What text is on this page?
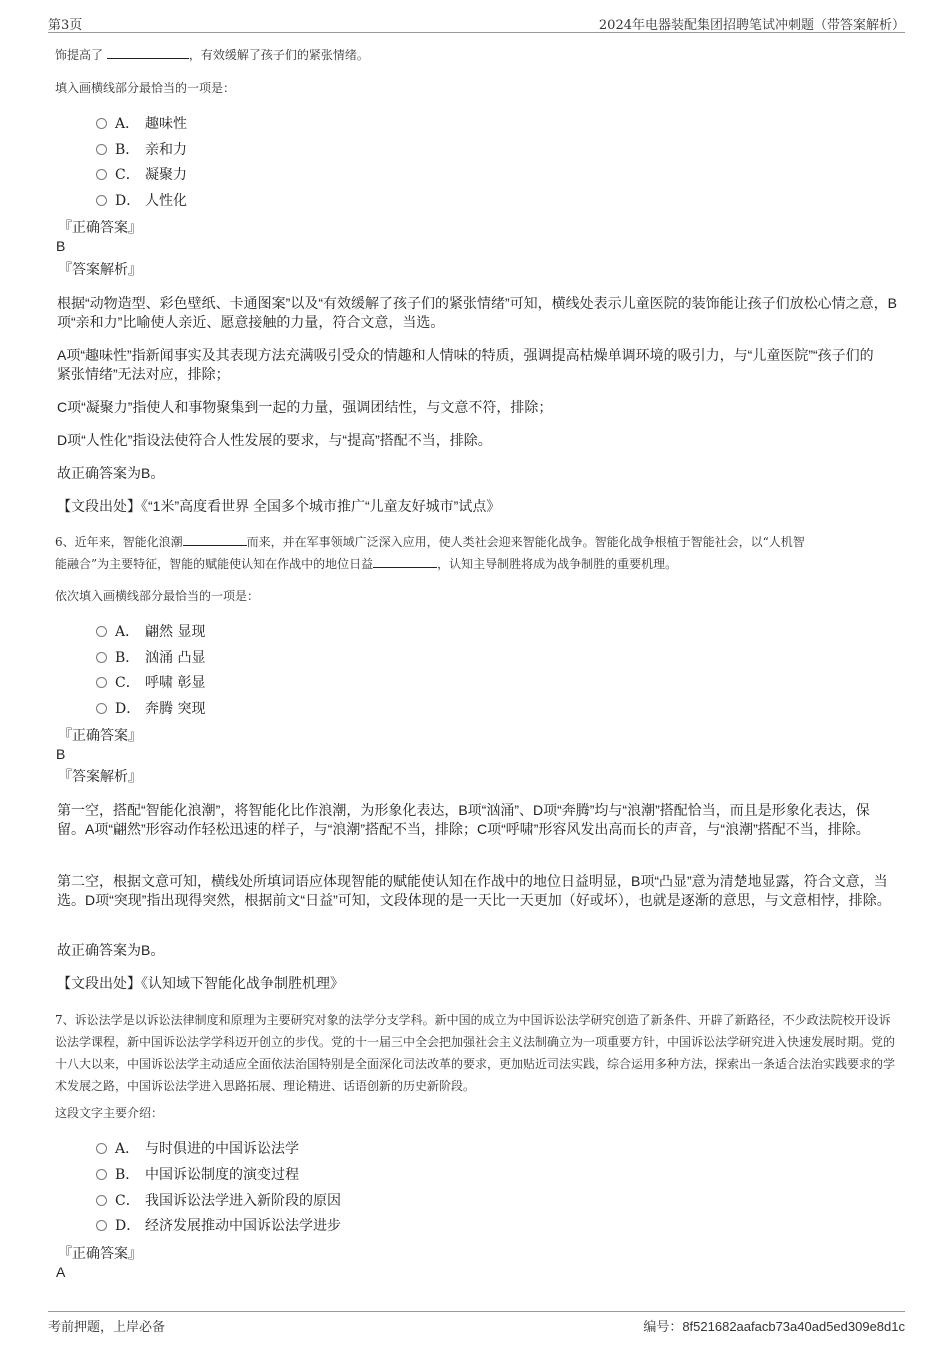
第3页	2024年电器装配集团招聘笔试冲刺题（带答案解析）
饰提高了	，有效缓解了孩子们的紧张情绪。
填入画横线部分最恰当的一项是：
A． 趣味性
B． 亲和力
C． 凝聚力
D． 人性化
『正确答案』
B
『答案解析』
根据“动物造型、彩色壁纸、卡通图案”以及“有效缓解了孩子们的紧张情绪”可知，横线处表示儿童医院的装饰能让孩子们放松心情之意，B项“亲和力”比喻使人亲近、愿意接触的力量，符合文意，当选。
A项“趣味性”指新闻事实及其表现方法充满吸引受众的情趣和人情味的特质，强调提高枯燥单调环境的吸引力，与“儿童医院”“孩子们的紧张情绪”无法对应，排除；
C项“凝聚力”指使人和事物聚集到一起的力量，强调团结性，与文意不符，排除；
D项“人性化”指设法使符合人性发展的要求，与“提高”搭配不当，排除。
故正确答案为B。
【文段出处】《“1米”高度看世界 全国多个城市推广“儿童友好城市”试点》
6、近年来，智能化浪潮	而来，并在军事领域广泛深入应用，使人类社会迎来智能化战争。智能化战争根植于智能社会，以“人机智
能融合”为主要特征，智能的赋能使认知在作战中的地位日益	，认知主导制胜将成为战争制胜的重要机理。
依次填入画横线部分最恰当的一项是：
A． 翩然 显现
B． 汹涌 凸显
C． 呼啸 彰显
D． 奔腾 突现
『正确答案』
B
『答案解析』
第一空，搭配“智能化浪潮”，将智能化比作浪潮，为形象化表达，B项“汹涌”、D项“奔腾”均与“浪潮”搭配恰当，而且是形象化表达，保留。A项“翩然”形容动作轻松迅速的样子，与“浪潮”搭配不当，排除；C项“呼啸”形容风发出高而长的声音，与“浪潮”搭配不当，排除。
第二空，根据文意可知，横线处所填词语应体现智能的赋能使认知在作战中的地位日益明显，B项“凸显”意为清楚地显露，符合文意，当选。D项“突现”指出现得突然，根据前文“日益”可知，文段体现的是一天比一天更加（好或坏），也就是逐渐的意思，与文意相悖，排除。
故正确答案为B。
【文段出处】《认知域下智能化战争制胜机理》
7、诉讼法学是以诉讼法律制度和原理为主要研究对象的法学分支学科。新中国的成立为中国诉讼法学研究创造了新条件、开辟了新路径，不少政法院校开设诉讼法学课程，新中国诉讼法学学科迈开创立的步伐。党的十一届三中全会把加强社会主义法制确立为一项重要方针，中国诉讼法学研究进入快速发展时期。党的十八大以来，中国诉讼法学主动适应全面依法治国特别是全面深化司法改革的要求，更加贴近司法实践，综合运用多种方法，探索出一条适合法治实践要求的学术发展之路，中国诉讼法学进入思路拓展、理论精进、话语创新的历史新阶段。
这段文字主要介绍：
A． 与时俱进的中国诉讼法学
B． 中国诉讼制度的演变过程
C． 我国诉讼法学进入新阶段的原因
D． 经济发展推动中国诉讼法学进步
『正确答案』
A
考前押题，上岸必备	编号：8f521682aafacb73a40ad5ed309e8d1c
